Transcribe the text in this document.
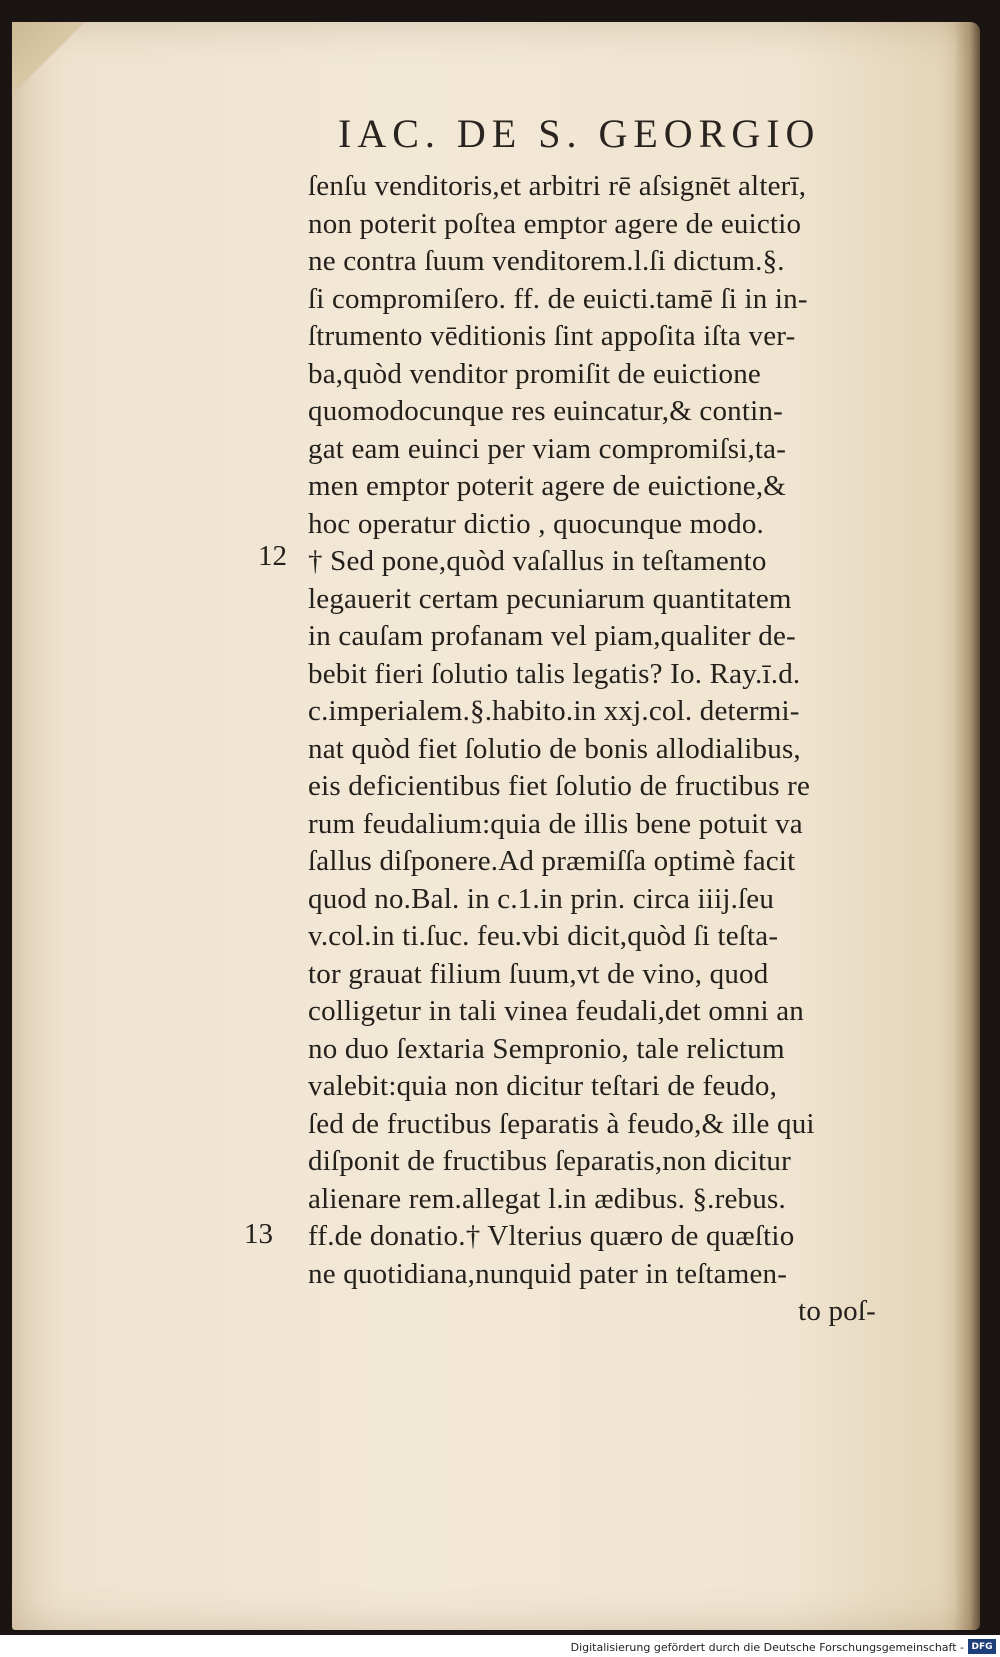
IAC. DE S. GEORGIO
12
13
ſenſu venditoris,et arbitri rē aſsignēt alterī,
non poterit poſtea emptor agere de euictio
ne contra ſuum venditorem.l.ſi dictum.§.
ſi compromiſero. ff. de euicti.tamē ſi in in-
ſtrumento vēditionis ſint appoſita iſta ver-
ba,quòd venditor promiſit de euictione
quomodocunque res euincatur,& contin-
gat eam euinci per viam compromiſsi,ta-
men emptor poterit agere de euictione,&
hoc operatur dictio , quocunque modo.
† Sed pone,quòd vaſallus in teſtamento
legauerit certam pecuniarum quantitatem
in cauſam profanam vel piam,qualiter de-
bebit fieri ſolutio talis legatis? Io. Ray.ī.d.
c.imperialem.§.habito.in xxj.col. determi-
nat quòd fiet ſolutio de bonis allodialibus,
eis deficientibus fiet ſolutio de fructibus re
rum feudalium:quia de illis bene potuit va
ſallus diſponere.Ad præmiſſa optimè facit
quod no.Bal. in c.1.in prin. circa iiij.ſeu
v.col.in ti.ſuc. feu.vbi dicit,quòd ſi teſta-
tor grauat filium ſuum,vt de vino, quod
colligetur in tali vinea feudali,det omni an
no duo ſextaria Sempronio, tale relictum
valebit:quia non dicitur teſtari de feudo,
ſed de fructibus ſeparatis à feudo,& ille qui
diſponit de fructibus ſeparatis,non dicitur
alienare rem.allegat l.in ædibus. §.rebus.
ff.de donatio.† Vlterius quæro de quæſtio
ne quotidiana,nunquid pater in teſtamen-
to poſ-
Digitalisierung gefördert durch die Deutsche Forschungsgemeinschaft - DFG
